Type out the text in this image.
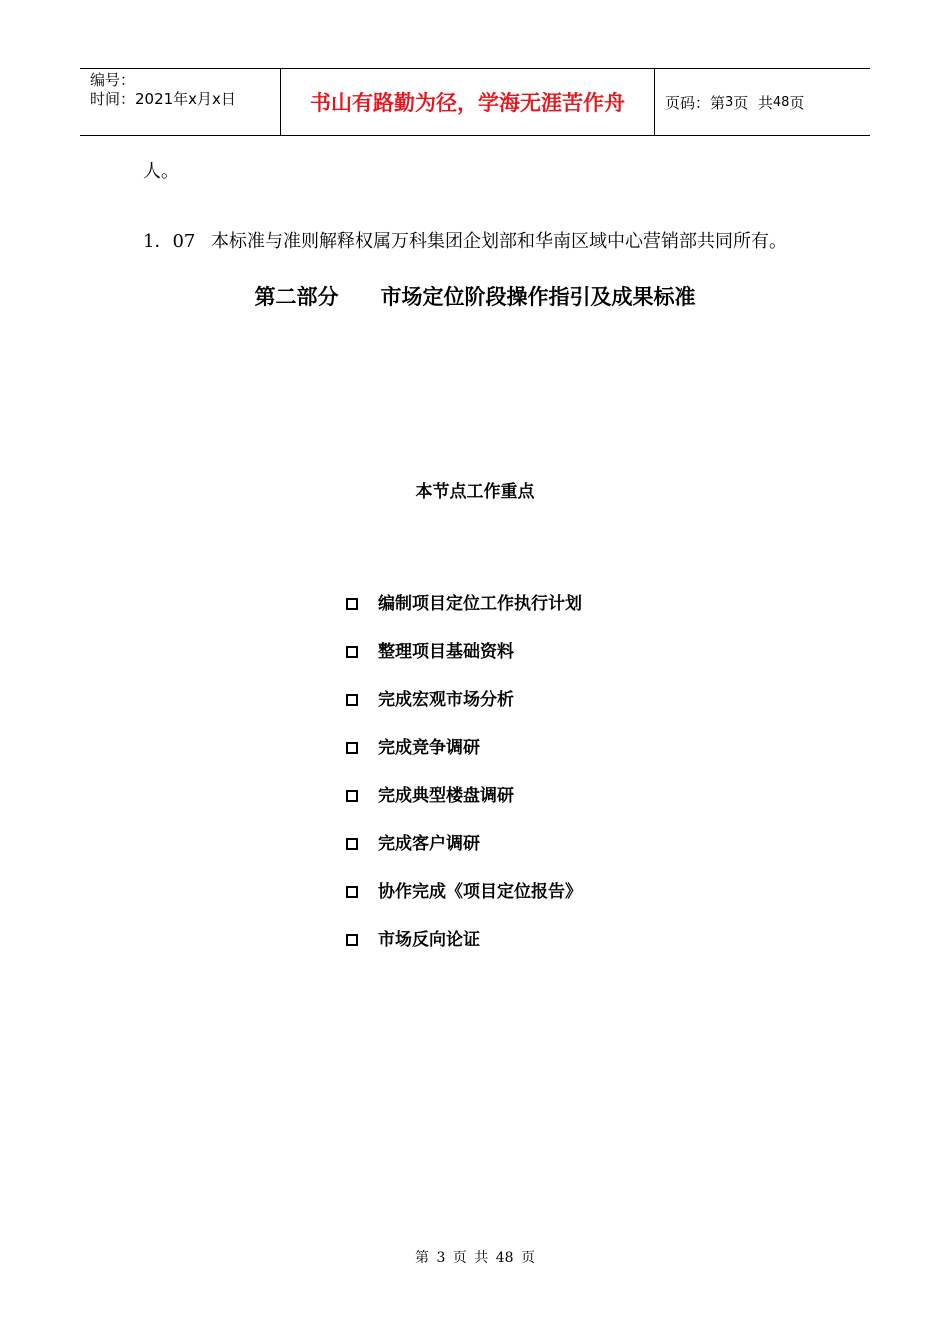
编号：
时间：2021年x月x日	书山有路勤为径，学海无涯苦作舟	页码：第 3 页  共 48 页
人。
1．07 本标准与准则解释权属万科集团企划部和华南区域中心营销部共同所有。
第二部分　　市场定位阶段操作指引及成果标准
本节点工作重点
编制项目定位工作执行计划
整理项目基础资料
完成宏观市场分析
完成竞争调研
完成典型楼盘调研
完成客户调研
协作完成《项目定位报告》
市场反向论证
第 3 页 共 48 页
